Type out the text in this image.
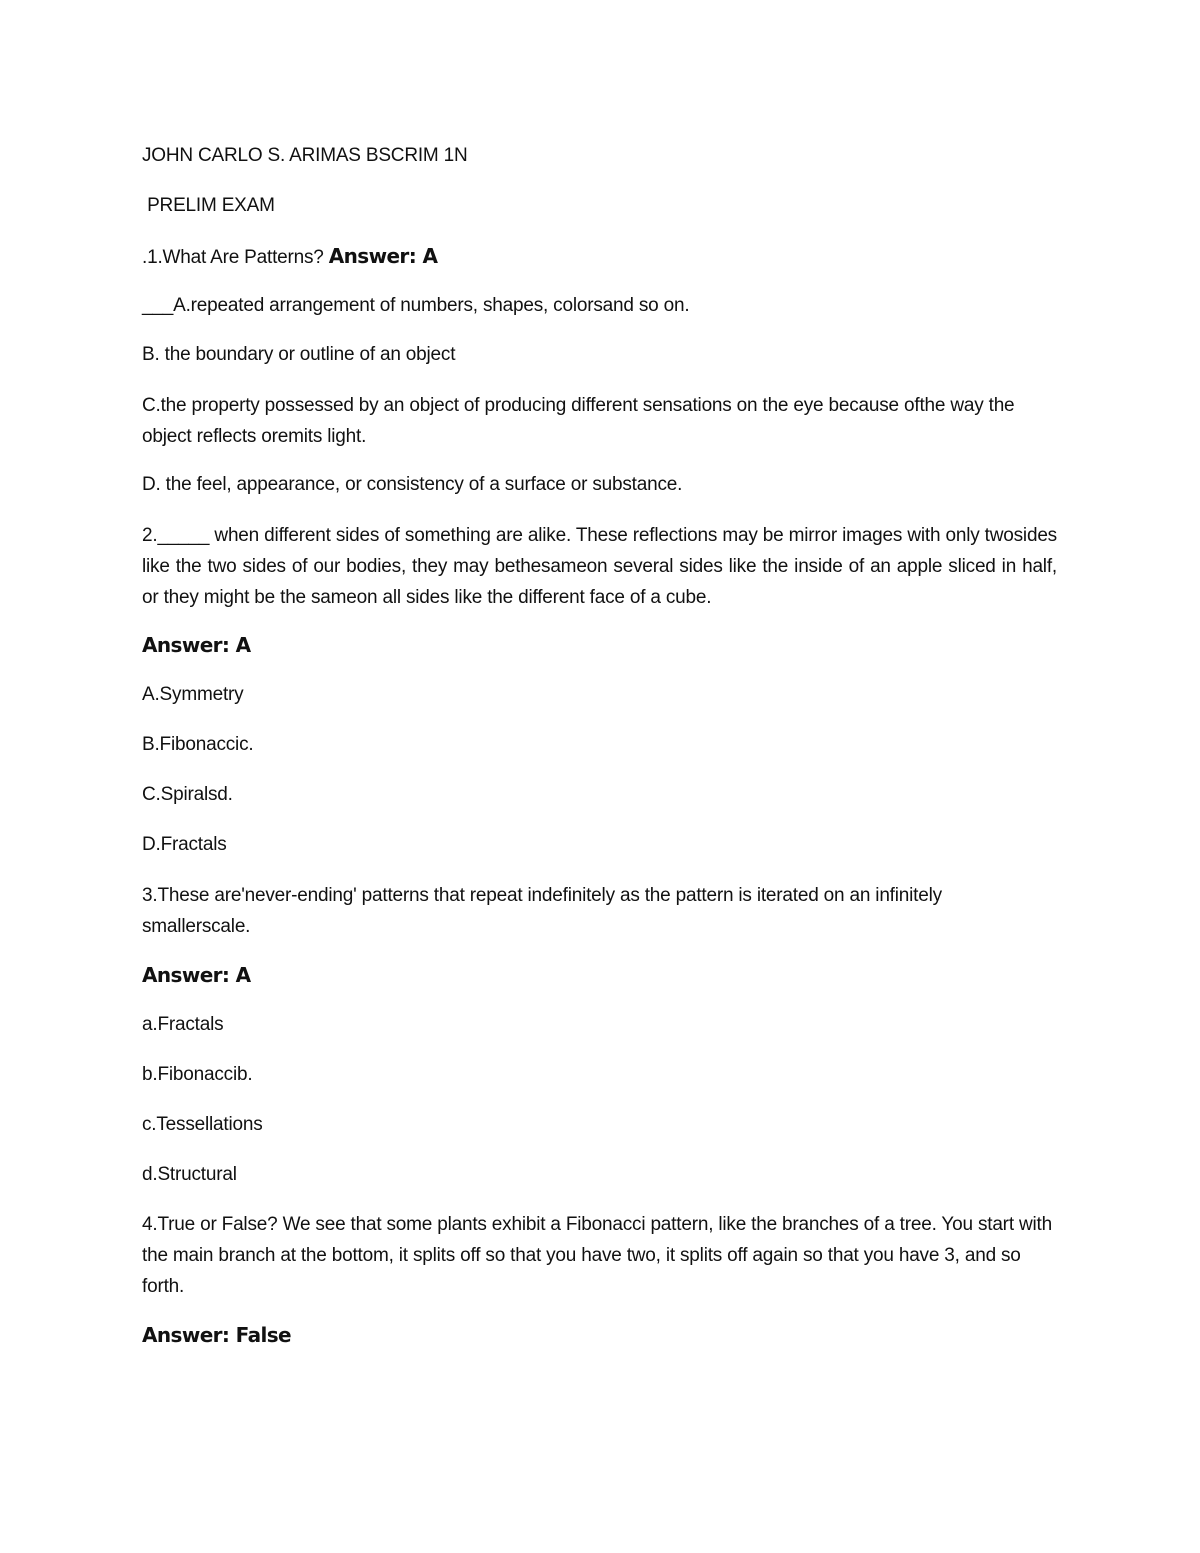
JOHN CARLO S. ARIMAS BSCRIM 1N
PRELIM EXAM
.1.What Are Patterns? Answer: A
___A.repeated arrangement of numbers, shapes, colorsand so on.
B. the boundary or outline of an object
C.the property possessed by an object of producing different sensations on the eye because ofthe way the object reflects oremits light.
D. the feel, appearance, or consistency of a surface or substance.
2._____ when different sides of something are alike. These reflections may be mirror images with only twosides like the two sides of our bodies, they may bethesameon several sides like the inside of an apple sliced in half, or they might be the sameon all sides like the different face of a cube.
Answer: A
A.Symmetry
B.Fibonaccic.
C.Spiralsd.
D.Fractals
3.These are'never-ending' patterns that repeat indefinitely as the pattern is iterated on an infinitely smallerscale.
Answer: A
a.Fractals
b.Fibonaccib.
c.Tessellations
d.Structural
4.True or False? We see that some plants exhibit a Fibonacci pattern, like the branches of a tree. You start with the main branch at the bottom, it splits off so that you have two, it splits off again so that you have 3, and so forth.
Answer: False
